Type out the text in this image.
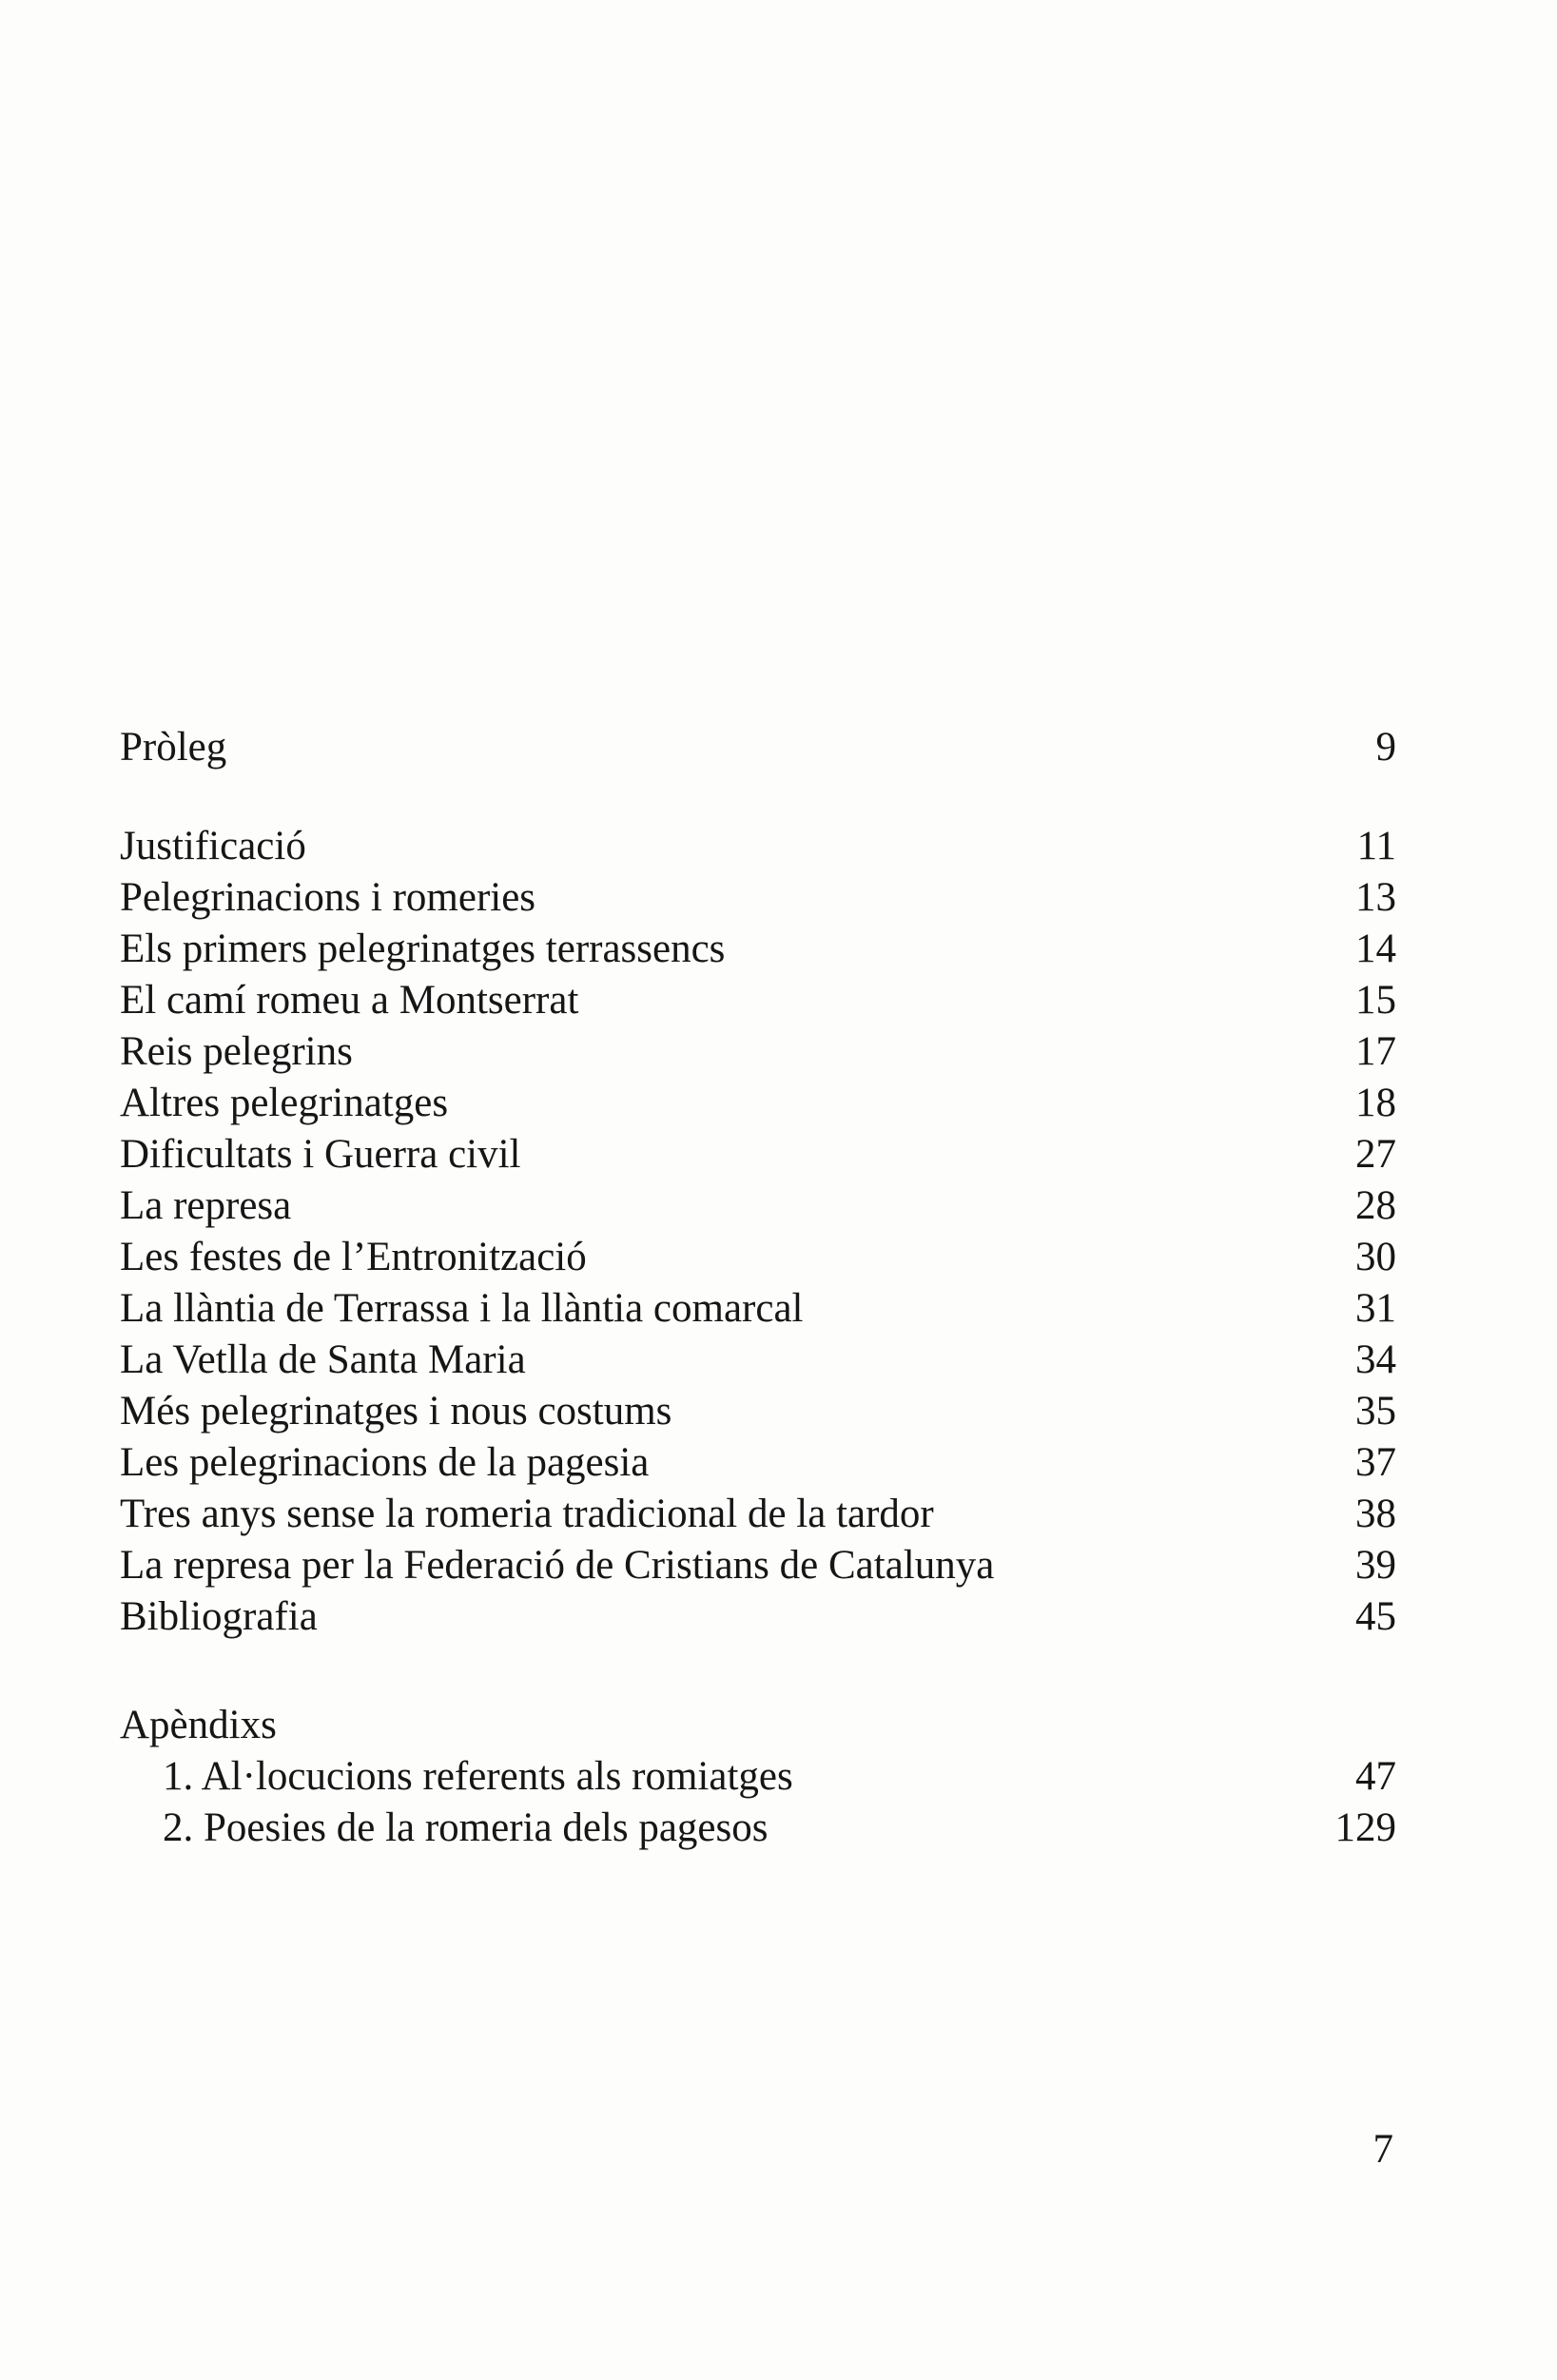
Pròleg	9
Justificació	11
Pelegrinacions i romeries	13
Els primers pelegrinatges terrassencs	14
El camí romeu a Montserrat	15
Reis pelegrins	17
Altres pelegrinatges	18
Dificultats i Guerra civil	27
La represa	28
Les festes de l’Entronització	30
La llàntia de Terrassa i la llàntia comarcal	31
La Vetlla de Santa Maria	34
Més pelegrinatges i nous costums	35
Les pelegrinacions de la pagesia	37
Tres anys sense la romeria tradicional de la tardor	38
La represa per la Federació de Cristians de Catalunya	39
Bibliografia	45
Apèndixs
1. Al·locucions referents als romiatges	47
2. Poesies de la romeria dels pagesos	129
7
